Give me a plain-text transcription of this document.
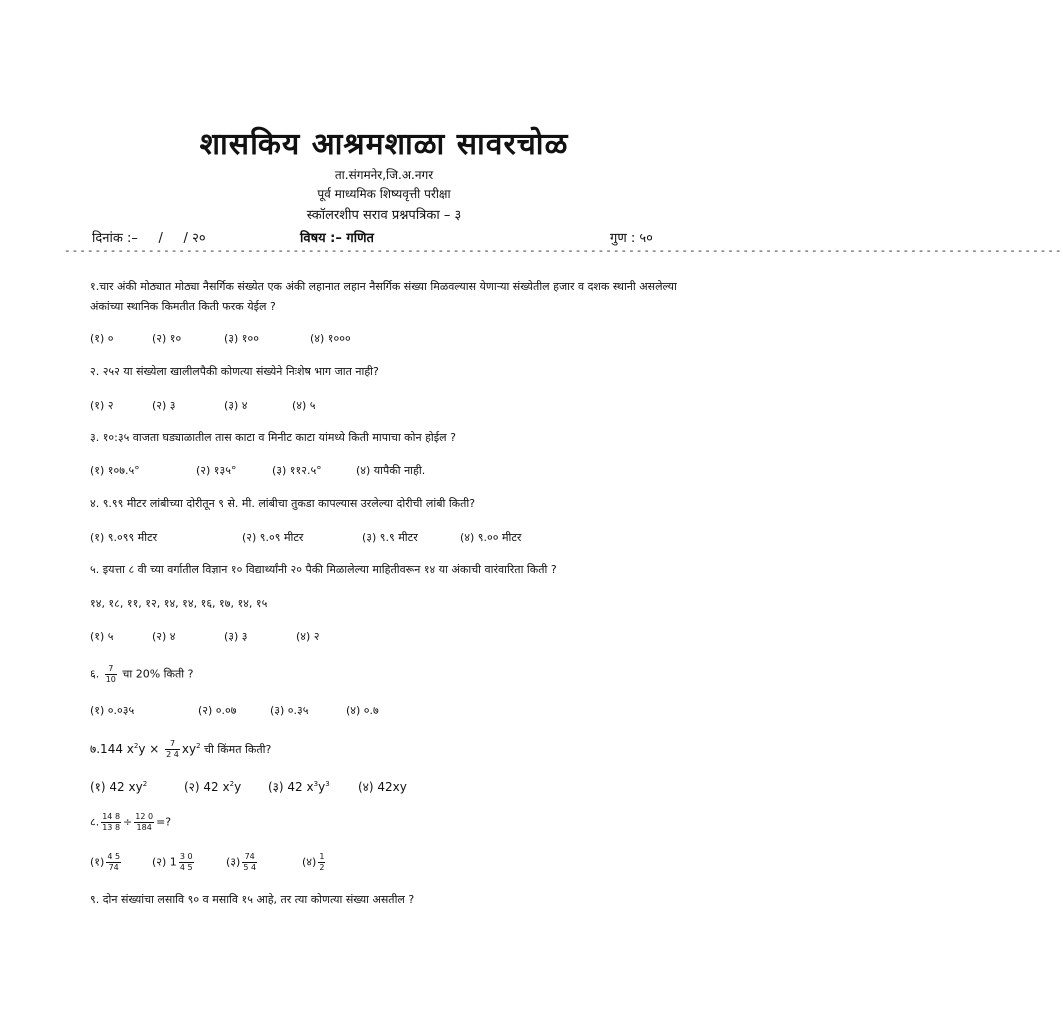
शासकिय आश्रमशाळा सावरचोळ
ता.संगमनेर,जि.अ.नगर
पूर्व माध्यमिक शिष्यवृत्ती परीक्षा
स्कॉलरशीप सराव प्रश्नपत्रिका – ३
दिनांक :–     /     / २०	विषय :– गणित	गुण : ५०
-----------------------------------------------------------------------------------------------------------------------------------
१.चार अंकी मोठ्यात मोठ्या नैसर्गिक संख्येत एक अंकी लहानात लहान नैसर्गिक संख्या मिळवल्यास येणाऱ्या संख्येतील हजार व दशक स्थानी असलेल्या अंकांच्या स्थानिक किमतीत किती फरक येईल ?
(१) ०	(२) १०	(३) १००	(४) १०००
२. २५२ या संख्येला खालीलपैकी कोणत्या संख्येने निःशेष भाग जात नाही?
(१) २	(२) ३	(३) ४	(४) ५
३. १०:३५ वाजता घड्याळातील तास काटा व मिनीट काटा यांमध्ये किती मापाचा कोन होईल ?
(१) १०७.५°	(२) १३५°	(३) ११२.५°	(४) यापैकी नाही.
४. ९.९९ मीटर लांबीच्या दोरीतून ९ से. मी. लांबीचा तुकडा कापल्यास उरलेल्या दोरीची लांबी किती?
(१) ९.०९९ मीटर	(२) ९.०९ मीटर	(३) ९.९ मीटर	(४) ९.०० मीटर
५. इयत्ता ८ वी च्या वर्गातील विज्ञान १० विद्यार्थ्यांनी २० पैकी मिळालेल्या माहितीवरून १४ या अंकाची वारंवारिता किती ?
१४, १८, ११, १२, १४, १४, १६, १७, १४, १५
(१) ५	(२) ४	(३) ३	(४) २
६. $\frac{7}{10}$ चा 20% किती ?
(१) ०.०३५	(२) ०.०७	(३) ०.३५	(४) ०.७
७.144 $x^2y \times \frac{7}{2 4} xy^2$ ची किंमत किती?
(१) 42 $xy^2$	(२) 42 $x^2y$ (३) 42 $x^3y^3$ (४) 42xy
८. $\frac{14 8}{13 8} \div \frac{12 0}{184}$ =?
(१) $\frac{4 5}{74}$	(२) $1 \frac{3 0}{4 5}$	(३) $\frac{74}{5 4}$	(४) $\frac{1}{2}$
९. दोन संख्यांचा लसावि ९० व मसावि १५ आहे, तर त्या कोणत्या संख्या असतील ?
